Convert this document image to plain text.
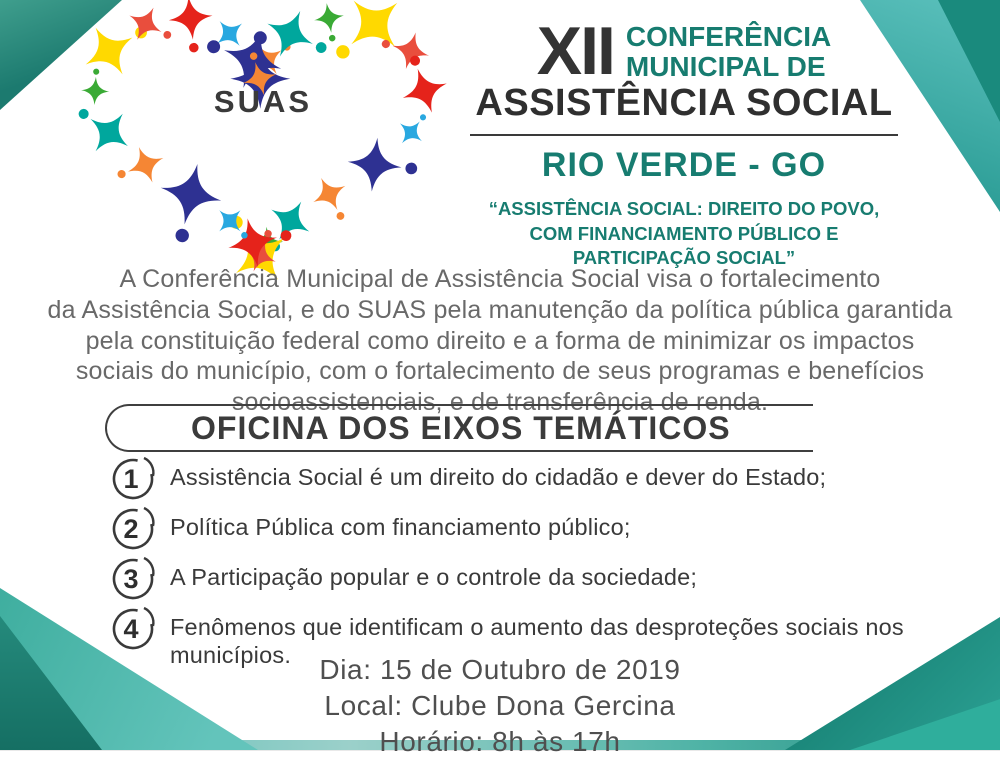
SUAS
XII CONFERÊNCIA
MUNICIPAL DE
ASSISTÊNCIA SOCIAL
RIO VERDE - GO
“ASSISTÊNCIA SOCIAL: DIREITO DO POVO,
COM FINANCIAMENTO PÚBLICO E
PARTICIPAÇÃO SOCIAL”
A Conferência Municipal de Assistência Social visa o fortalecimento
da Assistência Social, e do SUAS pela manutenção da política pública garantida
pela constituição federal como direito e a forma de minimizar os impactos
sociais do município, com o fortalecimento de seus programas e benefícios
socioassistenciais, e de transferência de renda.
OFICINA DOS EIXOS TEMÁTICOS
1 Assistência Social é um direito do cidadão e dever do Estado;
2 Política Pública com financiamento público;
3 A Participação popular e o controle da sociedade;
4 Fenômenos que identificam o aumento das desproteções sociais nos municípios.	Dia: 15 de Outubro de 2019
Local: Clube Dona Gercina
Horário: 8h às 17h
